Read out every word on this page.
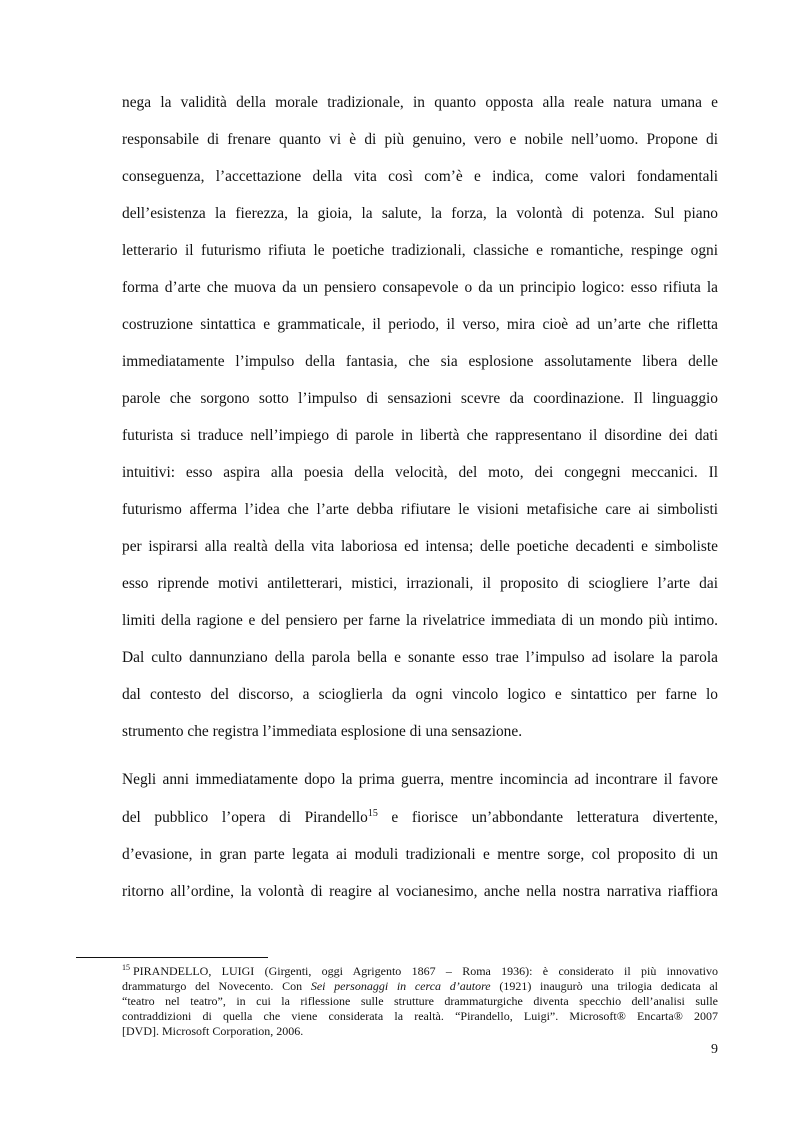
nega la validità della morale tradizionale, in quanto opposta alla reale natura umana e
responsabile di frenare quanto vi è di più genuino, vero e nobile nell’uomo. Propone di
conseguenza, l’accettazione della vita così com’è e indica, come valori fondamentali
dell’esistenza la fierezza, la gioia, la salute, la forza, la volontà di potenza. Sul piano
letterario il futurismo rifiuta le poetiche tradizionali, classiche e romantiche, respinge ogni
forma d’arte che muova da un pensiero consapevole o da un principio logico: esso rifiuta la
costruzione sintattica e grammaticale, il periodo, il verso, mira cioè ad un’arte che rifletta
immediatamente l’impulso della fantasia, che sia esplosione assolutamente libera delle
parole che sorgono sotto l’impulso di sensazioni scevre da coordinazione. Il linguaggio
futurista si traduce nell’impiego di parole in libertà che rappresentano il disordine dei dati
intuitivi: esso aspira alla poesia della velocità, del moto, dei congegni meccanici. Il
futurismo afferma l’idea che l’arte debba rifiutare le visioni metafisiche care ai simbolisti
per ispirarsi alla realtà della vita laboriosa ed intensa; delle poetiche decadenti e simboliste
esso riprende motivi antiletterari, mistici, irrazionali, il proposito di sciogliere l’arte dai
limiti della ragione e del pensiero per farne la rivelatrice immediata di un mondo più intimo.
Dal culto dannunziano della parola bella e sonante esso trae l’impulso ad isolare la parola
dal contesto del discorso, a scioglierla da ogni vincolo logico e sintattico per farne lo
strumento che registra l’immediata esplosione di una sensazione.
Negli anni immediatamente dopo la prima guerra, mentre incomincia ad incontrare il favore
del pubblico l’opera di Pirandello$^{15}$ e fiorisce un’abbondante letteratura divertente,
d’evasione, in gran parte legata ai moduli tradizionali e mentre sorge, col proposito di un
ritorno all’ordine, la volontà di reagire al vocianesimo, anche nella nostra narrativa riaffiora
$^{15}$ PIRANDELLO, LUIGI (Girgenti, oggi Agrigento 1867 – Roma 1936): è considerato il più innovativo
drammaturgo del Novecento. Con Sei personaggi in cerca d’autore (1921) inaugurò una trilogia dedicata al
“teatro nel teatro”, in cui la riflessione sulle strutture drammaturgiche diventa specchio dell’analisi sulle
contraddizioni di quella che viene considerata la realtà. “Pirandello, Luigi”. Microsoft® Encarta® 2007
[DVD]. Microsoft Corporation, 2006.
9
